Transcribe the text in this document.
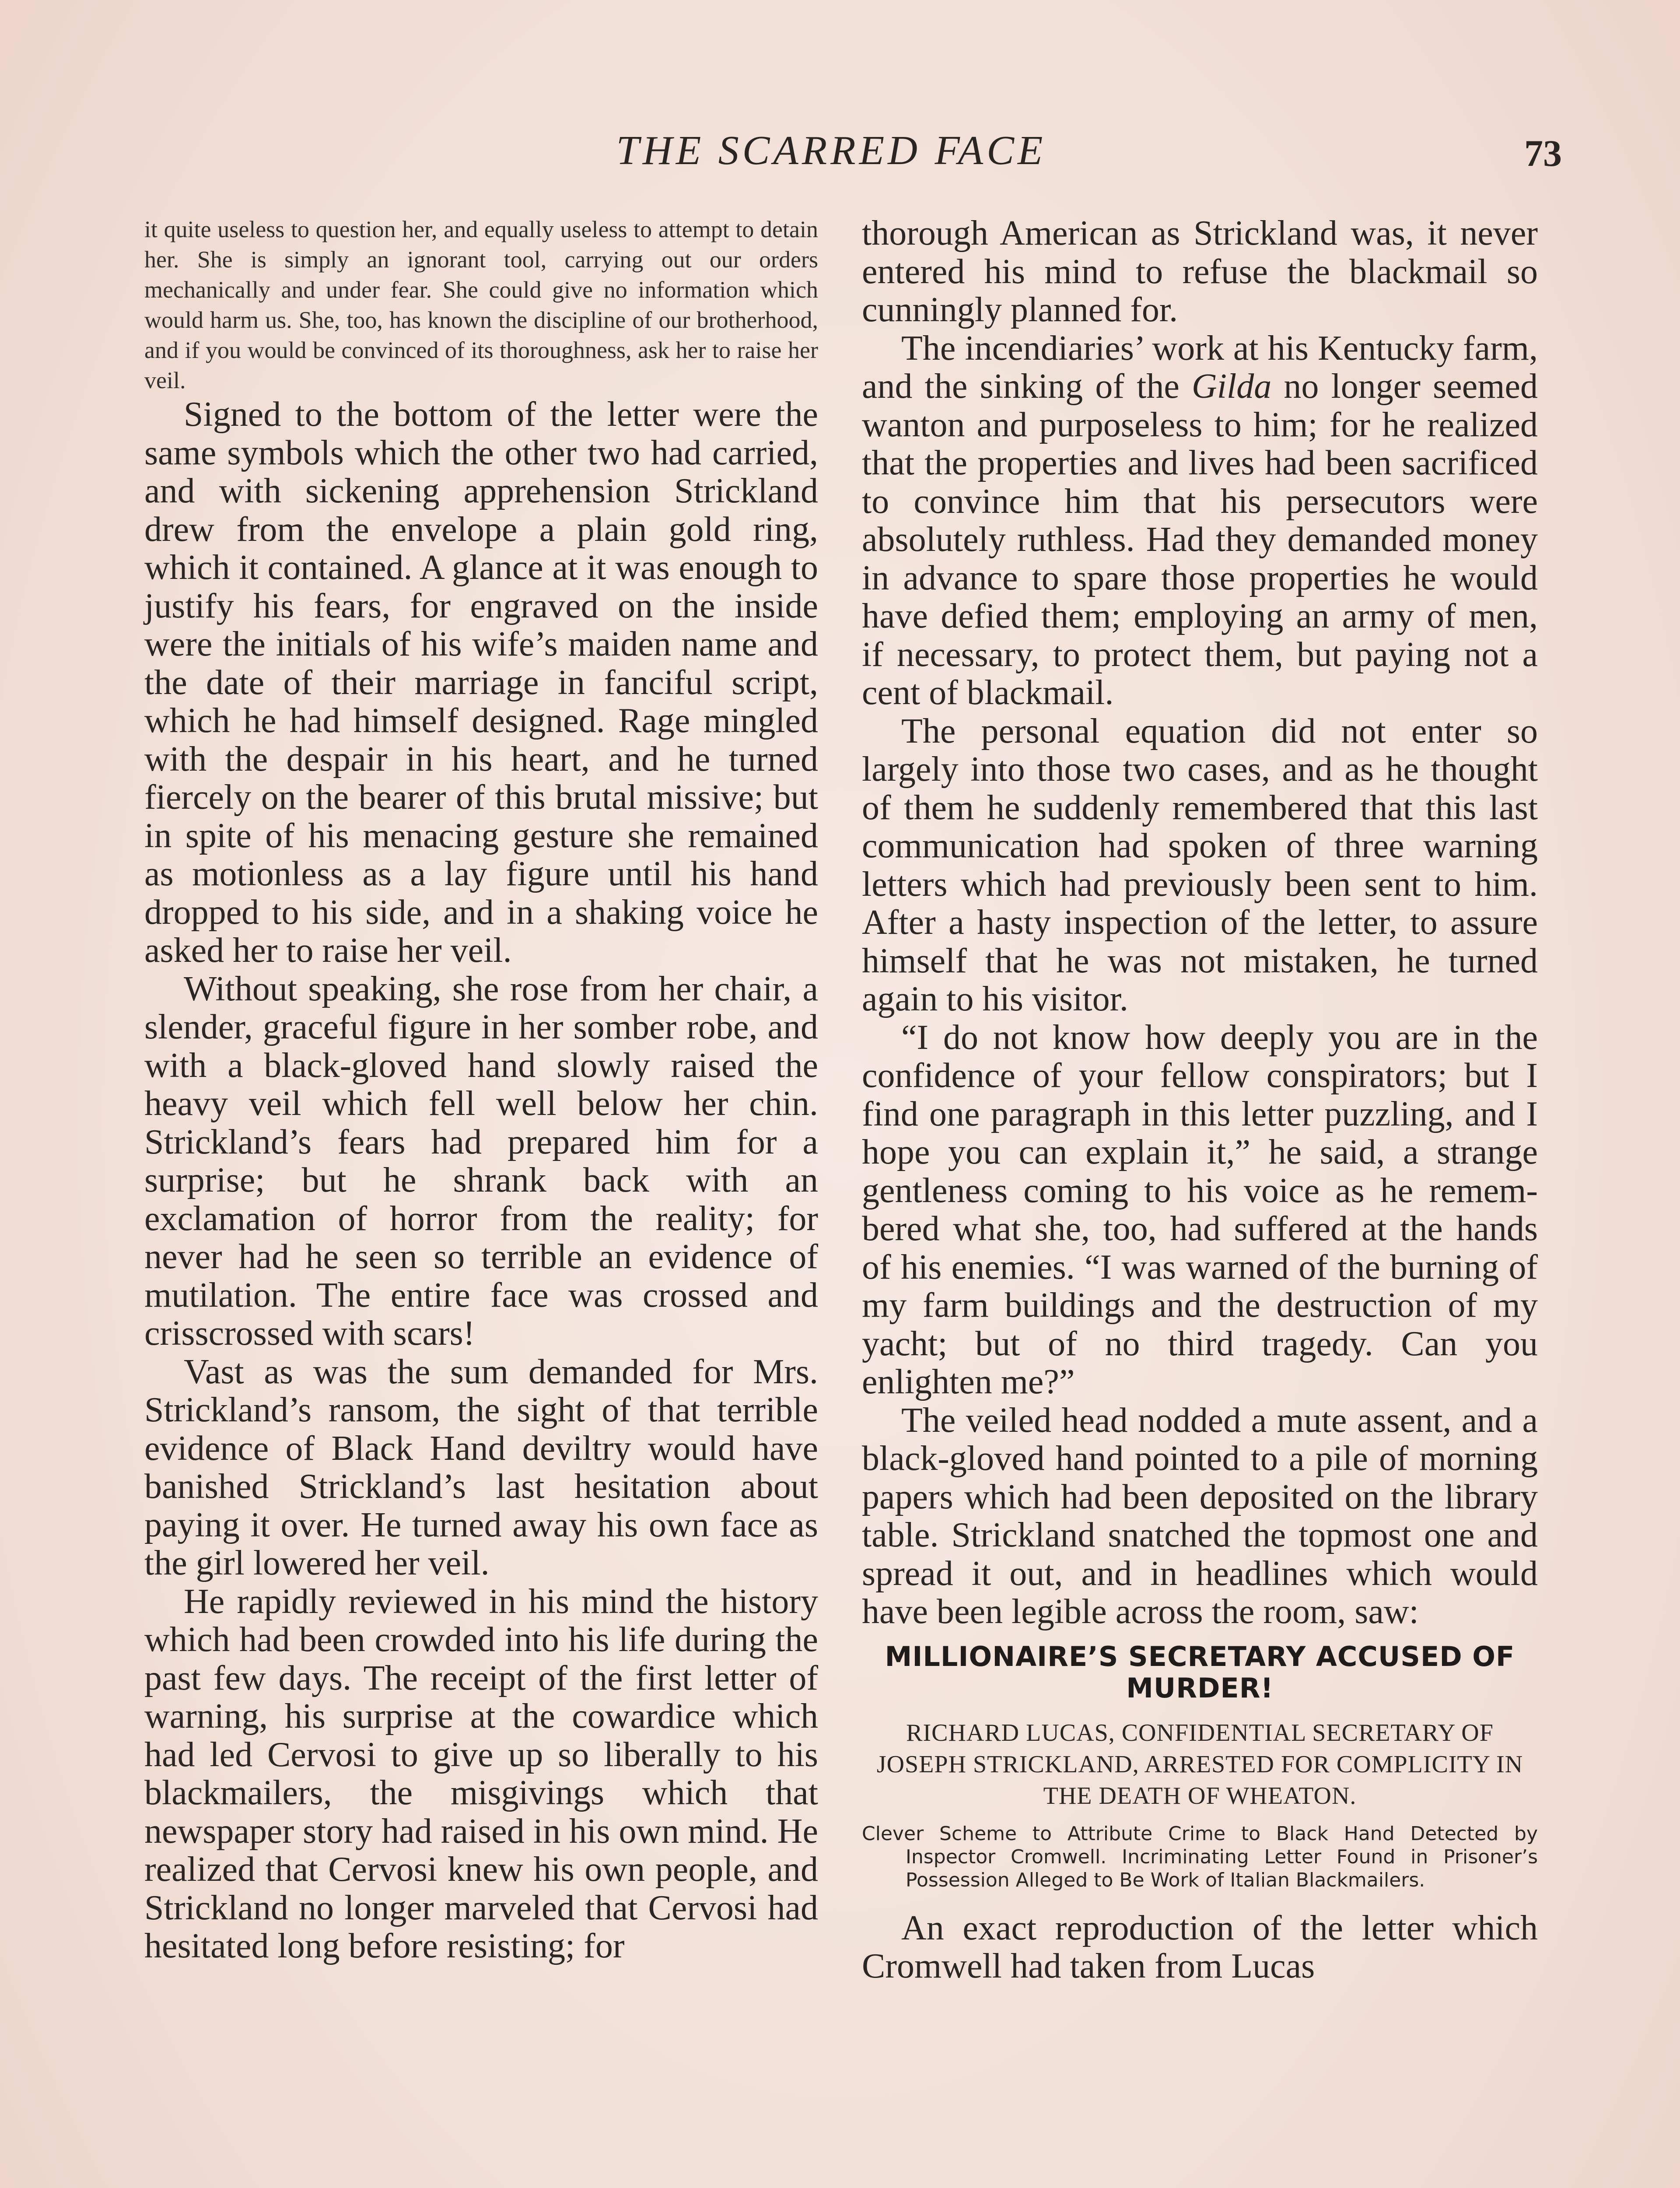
THE SCARRED FACE	73

it quite useless to question her, and equally useless to attempt to detain her. She is simply an ignorant tool, carrying out our orders mechanically and under fear. She could give no information which would harm us. She, too, has known the discipline of our brotherhood, and if you would be convinced of its thoroughness, ask her to raise her veil.

Signed to the bottom of the letter were the same symbols which the other two had carried, and with sickening apprehension Strickland drew from the envelope a plain gold ring, which it contained. A glance at it was enough to justify his fears, for engraved on the inside were the initials of his wife’s maiden name and the date of their marriage in fanciful script, which he had himself designed. Rage mingled with the despair in his heart, and he turned fiercely on the bearer of this brutal missive; but in spite of his menacing gesture she remained as motionless as a lay figure until his hand dropped to his side, and in a shaking voice he asked her to raise her veil.

Without speaking, she rose from her chair, a slender, graceful figure in her somber robe, and with a black-gloved hand slowly raised the heavy veil which fell well below her chin. Strickland’s fears had prepared him for a surprise; but he shrank back with an exclamation of horror from the reality; for never had he seen so terrible an evidence of mutilation. The entire face was crossed and crisscrossed with scars!

Vast as was the sum demanded for Mrs. Strickland’s ransom, the sight of that terrible evidence of Black Hand deviltry would have banished Strickland’s last hesitation about paying it over. He turned away his own face as the girl lowered her veil.

He rapidly reviewed in his mind the history which had been crowded into his life during the past few days. The receipt of the first letter of warning, his surprise at the cowardice which had led Cervosi to give up so liberally to his blackmailers, the misgivings which that newspaper story had raised in his own mind. He realized that Cervosi knew his own people, and Strickland no longer marveled that Cervosi had hesitated long before resisting; for

thorough American as Strickland was, it never entered his mind to refuse the blackmail so cunningly planned for.

The incendiaries’ work at his Kentucky farm, and the sinking of the Gilda no longer seemed wanton and purposeless to him; for he realized that the properties and lives had been sacrificed to convince him that his persecutors were absolutely ruthless. Had they demanded money in advance to spare those properties he would have defied them; employing an army of men, if necessary, to protect them, but paying not a cent of blackmail.

The personal equation did not enter so largely into those two cases, and as he thought of them he suddenly remembered that this last communication had spoken of three warning letters which had previously been sent to him. After a hasty inspection of the letter, to assure himself that he was not mistaken, he turned again to his visitor.

“I do not know how deeply you are in the confidence of your fellow conspirators; but I find one paragraph in this letter puzzling, and I hope you can explain it,” he said, a strange gentleness coming to his voice as he remembered what she, too, had suffered at the hands of his enemies. “I was warned of the burning of my farm buildings and the destruction of my yacht; but of no third tragedy. Can you enlighten me?”

The veiled head nodded a mute assent, and a black-gloved hand pointed to a pile of morning papers which had been deposited on the library table. Strickland snatched the topmost one and spread it out, and in headlines which would have been legible across the room, saw:

MILLIONAIRE’S SECRETARY ACCUSED OF MURDER!
RICHARD LUCAS, CONFIDENTIAL SECRETARY OF JOSEPH STRICKLAND, ARRESTED FOR COMPLICITY IN THE DEATH OF WHEATON.
Clever Scheme to Attribute Crime to Black Hand Detected by Inspector Cromwell. Incriminating Letter Found in Prisoner’s Possession Alleged to Be Work of Italian Blackmailers.

An exact reproduction of the letter which Cromwell had taken from Lucas
